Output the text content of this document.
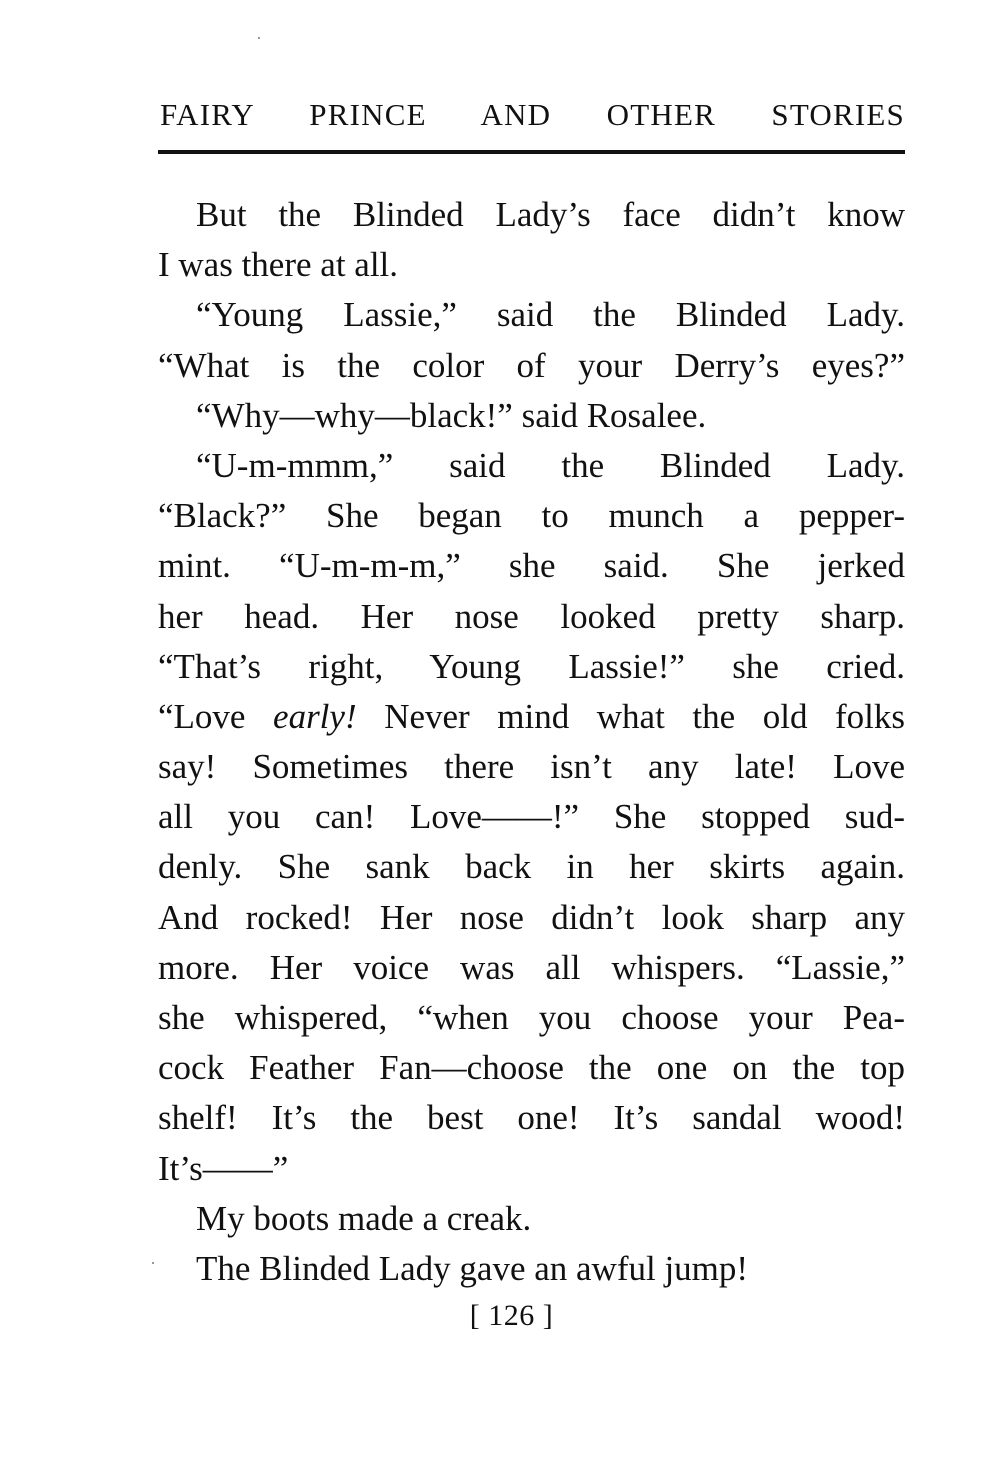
FAIRY PRINCE AND OTHER STORIES
But the Blinded Lady’s face didn’t know
I was there at all.
“Young Lassie,” said the Blinded Lady.
“What is the color of your Derry’s eyes?”
“Why—why—black!” said Rosalee.
“U-m-mmm,” said the Blinded Lady.
“Black?” She began to munch a pepper-
mint. “U-m-m-m,” she said. She jerked
her head. Her nose looked pretty sharp.
“That’s right, Young Lassie!” she cried.
“Love early! Never mind what the old folks
say! Sometimes there isn’t any late! Love
all you can! Love——!” She stopped sud-
denly. She sank back in her skirts again.
And rocked! Her nose didn’t look sharp any
more. Her voice was all whispers. “Lassie,”
she whispered, “when you choose your Pea-
cock Feather Fan—choose the one on the top
shelf! It’s the best one! It’s sandal wood!
It’s——”
My boots made a creak.
The Blinded Lady gave an awful jump!
[ 126 ]
